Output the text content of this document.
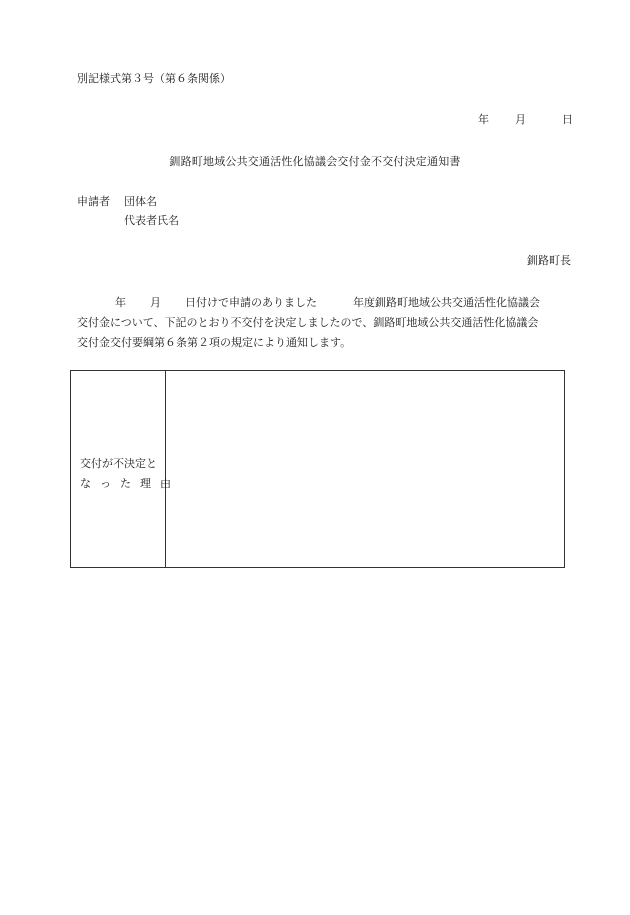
別記様式第３号（第６条関係）
年 月	日
釧路町地域公共交通活性化協議会交付金不交付決定通知書
申請者 団体名
代表者氏名
釧路町長
年 月 日付けで申請のありました	年度釧路町地域公共交通活性化協議会
交付金について、下記のとおり不交付を決定しましたので、釧路町地域公共交通活性化協議会
交付金交付要綱第６条第２項の規定により通知します。
交付が不決定と
なった理由
